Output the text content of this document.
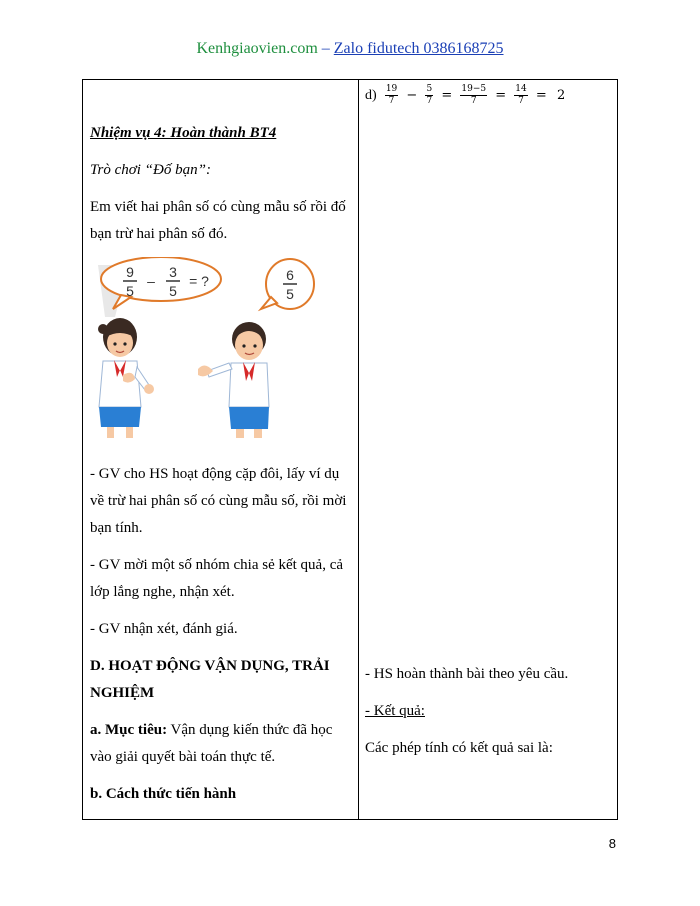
Kenhgiaovien.com – Zalo fidutech 0386168725
$d) \frac{19}{7} - \frac{5}{7} = \frac{19-5}{7} = \frac{14}{7} = 2$
Nhiệm vụ 4: Hoàn thành BT4
Trò chơi “Đố bạn”:
Em viết hai phân số có cùng mẫu số rồi đố
bạn trừ hai phân số đó.
9
5
–
3
5
= ?	6
5
- GV cho HS hoạt động cặp đôi, lấy ví dụ
về trừ hai phân số có cùng mẫu số, rồi mời
bạn tính.
- GV mời một số nhóm chia sẻ kết quả, cả
lớp lắng nghe, nhận xét.
- GV nhận xét, đánh giá.
D. HOẠT ĐỘNG VẬN DỤNG, TRẢI
NGHIỆM
a. Mục tiêu: Vận dụng kiến thức đã học
vào giải quyết bài toán thực tế.
b. Cách thức tiến hành
- HS hoàn thành bài theo yêu cầu.
- Kết quả:
Các phép tính có kết quả sai là:
8
